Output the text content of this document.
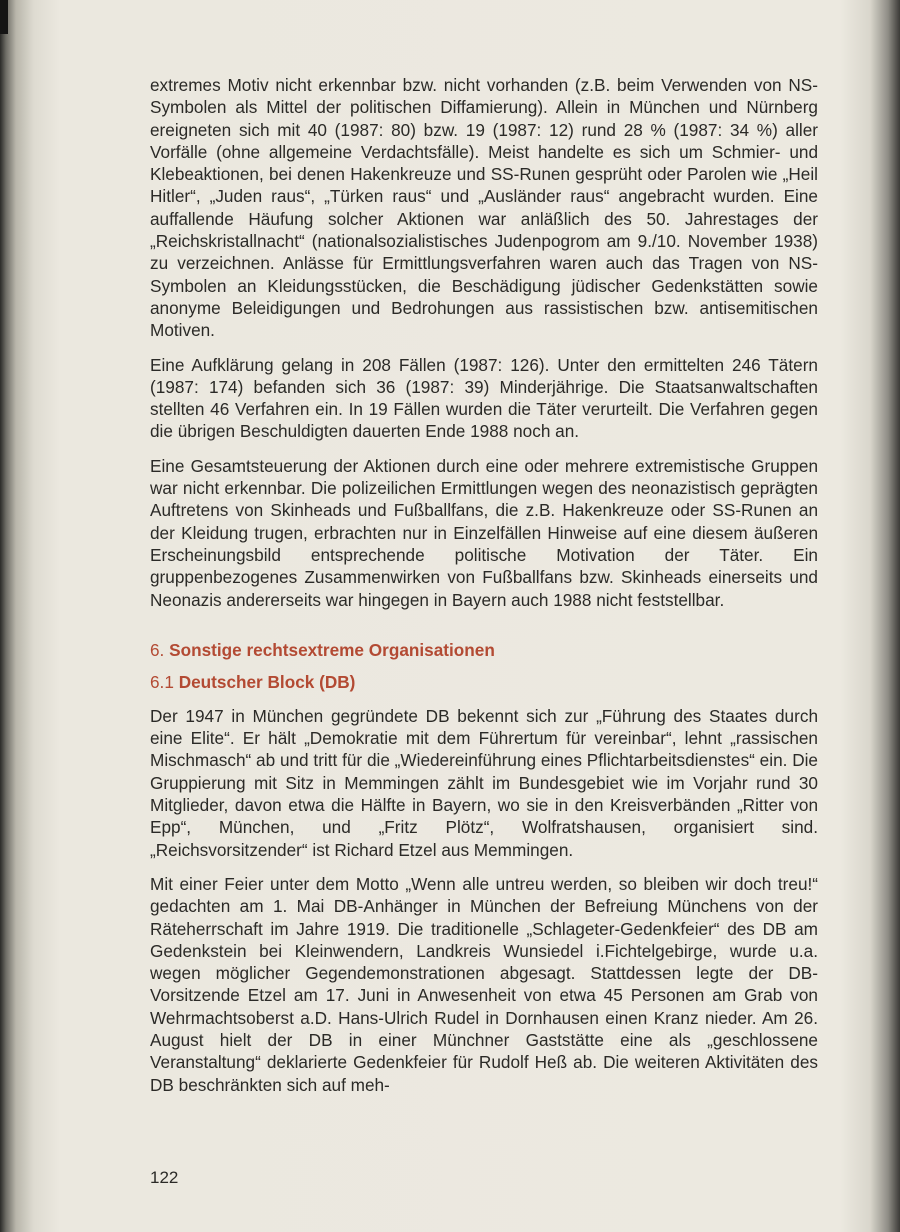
extremes Motiv nicht erkennbar bzw. nicht vorhanden (z.B. beim Verwenden von NS-Symbolen als Mittel der politischen Diffamierung). Allein in München und Nürnberg ereigneten sich mit 40 (1987: 80) bzw. 19 (1987: 12) rund 28 % (1987: 34 %) aller Vorfälle (ohne allgemeine Verdachtsfälle). Meist handelte es sich um Schmier- und Klebeaktionen, bei denen Hakenkreuze und SS-Runen gesprüht oder Parolen wie „Heil Hitler“, „Juden raus“, „Türken raus“ und „Ausländer raus“ angebracht wurden. Eine auffallende Häufung solcher Aktionen war anläßlich des 50. Jahrestages der „Reichskristallnacht“ (nationalsozialistisches Judenpogrom am 9./10. November 1938) zu verzeichnen. Anlässe für Ermittlungsverfahren waren auch das Tragen von NS-Symbolen an Kleidungsstücken, die Beschädigung jüdischer Gedenkstätten sowie anonyme Beleidigungen und Bedrohungen aus rassistischen bzw. antisemitischen Motiven.

Eine Aufklärung gelang in 208 Fällen (1987: 126). Unter den ermittelten 246 Tätern (1987: 174) befanden sich 36 (1987: 39) Minderjährige. Die Staatsanwaltschaften stellten 46 Verfahren ein. In 19 Fällen wurden die Täter verurteilt. Die Verfahren gegen die übrigen Beschuldigten dauerten Ende 1988 noch an.

Eine Gesamtsteuerung der Aktionen durch eine oder mehrere extremistische Gruppen war nicht erkennbar. Die polizeilichen Ermittlungen wegen des neonazistisch geprägten Auftretens von Skinheads und Fußballfans, die z.B. Hakenkreuze oder SS-Runen an der Kleidung trugen, erbrachten nur in Einzelfällen Hinweise auf eine diesem äußeren Erscheinungsbild entsprechende politische Motivation der Täter. Ein gruppenbezogenes Zusammenwirken von Fußballfans bzw. Skinheads einerseits und Neonazis andererseits war hingegen in Bayern auch 1988 nicht feststellbar.

6. Sonstige rechtsextreme Organisationen
6.1 Deutscher Block (DB)

Der 1947 in München gegründete DB bekennt sich zur „Führung des Staates durch eine Elite“. Er hält „Demokratie mit dem Führertum für vereinbar“, lehnt „rassischen Mischmasch“ ab und tritt für die „Wiedereinführung eines Pflichtarbeitsdienstes“ ein. Die Gruppierung mit Sitz in Memmingen zählt im Bundesgebiet wie im Vorjahr rund 30 Mitglieder, davon etwa die Hälfte in Bayern, wo sie in den Kreisverbänden „Ritter von Epp“, München, und „Fritz Plötz“, Wolfratshausen, organisiert sind. „Reichsvorsitzender“ ist Richard Etzel aus Memmingen.

Mit einer Feier unter dem Motto „Wenn alle untreu werden, so bleiben wir doch treu!“ gedachten am 1. Mai DB-Anhänger in München der Befreiung Münchens von der Räteherrschaft im Jahre 1919. Die traditionelle „Schlageter-Gedenkfeier“ des DB am Gedenkstein bei Kleinwendern, Landkreis Wunsiedel i.Fichtelgebirge, wurde u.a. wegen möglicher Gegendemonstrationen abgesagt. Stattdessen legte der DB-Vorsitzende Etzel am 17. Juni in Anwesenheit von etwa 45 Personen am Grab von Wehrmachtsoberst a.D. Hans-Ulrich Rudel in Dornhausen einen Kranz nieder. Am 26. August hielt der DB in einer Münchner Gaststätte eine als „geschlossene Veranstaltung“ deklarierte Gedenkfeier für Rudolf Heß ab. Die weiteren Aktivitäten des DB beschränkten sich auf meh-

122
